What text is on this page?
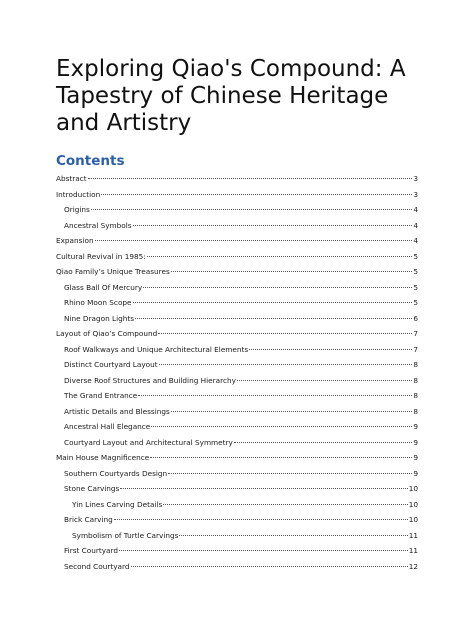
Exploring Qiao's Compound: A Tapestry of Chinese Heritage and Artistry
Contents
Abstract	3
Introduction	3
Origins	4
Ancestral Symbols	4
Expansion	4
Cultural Revival in 1985:	5
Qiao Family’s Unique Treasures	5
Glass Ball Of Mercury	5
Rhino Moon Scope	5
Nine Dragon Lights	6
Layout of Qiao’s Compound	7
Roof Walkways and Unique Architectural Elements	7
Distinct Courtyard Layout	8
Diverse Roof Structures and Building Hierarchy	8
The Grand Entrance	8
Artistic Details and Blessings	8
Ancestral Hall Elegance	9
Courtyard Layout and Architectural Symmetry	9
Main House Magnificence	9
Southern Courtyards Design	9
Stone Carvings	10
Yin Lines Carving Details	10
Brick Carving	10
Symbolism of Turtle Carvings	11
First Courtyard	11
Second Courtyard	12
